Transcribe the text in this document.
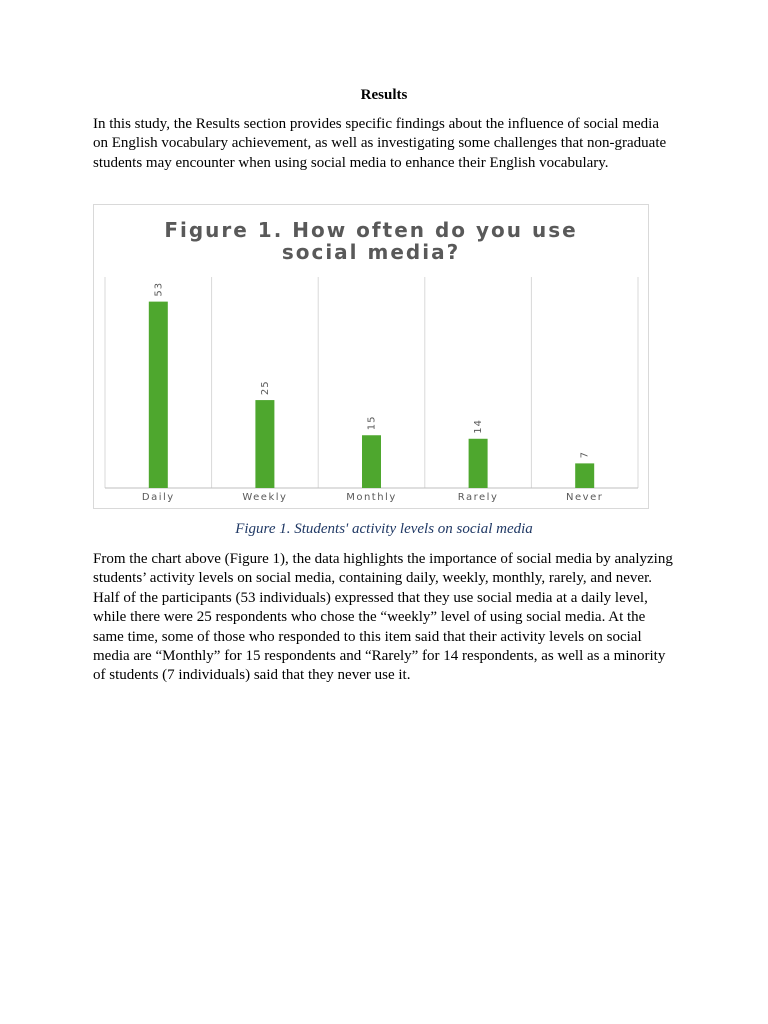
Results

In this study, the Results section provides specific findings about the influence of social media on English vocabulary achievement, as well as investigating some challenges that non-graduate students may encounter when using social media to enhance their English vocabulary.

Figure 1. How often do you use
social media?
53
Daily
25
Weekly
15
Monthly
14
Rarely
7
Never
Figure 1. Students' activity levels on social media

From the chart above (Figure 1), the data highlights the importance of social media by analyzing students’ activity levels on social media, containing daily, weekly, monthly, rarely, and never. Half of the participants (53 individuals) expressed that they use social media at a daily level, while there were 25 respondents who chose the “weekly” level of using social media. At the same time, some of those who responded to this item said that their activity levels on social media are “Monthly” for 15 respondents and “Rarely” for 14 respondents, as well as a minority of students (7 individuals) said that they never use it.
